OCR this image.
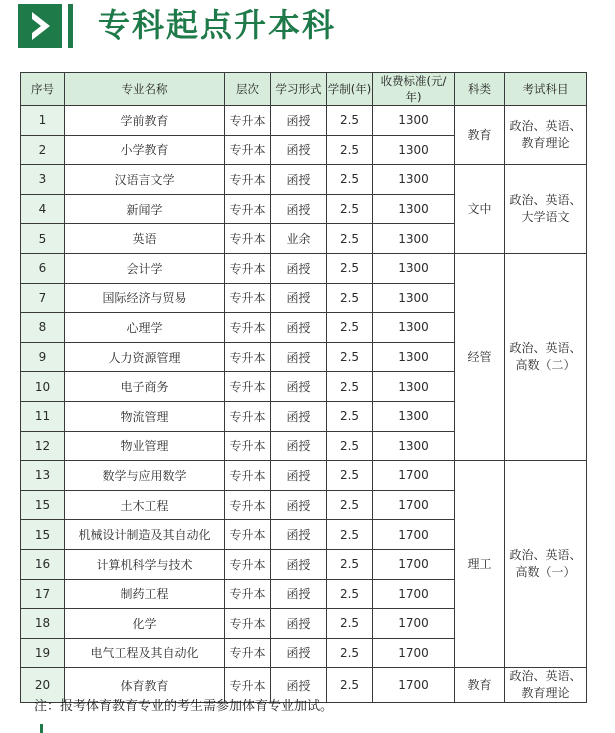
专科起点升本科
序号	专业名称	层次	学习形式	学制(年)	收费标准(元/年)	科类	考试科目
1	学前教育	专升本	函授	2.5	1300	教育	政治、英语、
教育理论

2	小学教育	专升本	函授	2.5	1300		
3	汉语言文学	专升本	函授	2.5	1300	文中	政治、英语、
大学语文

4	新闻学	专升本	函授	2.5	1300		
5	英语	专升本	业余	2.5	1300		
6	会计学	专升本	函授	2.5	1300	经管	政治、英语、
高数（二）

7	国际经济与贸易	专升本	函授	2.5	1300		
8	心理学	专升本	函授	2.5	1300		
9	人力资源管理	专升本	函授	2.5	1300		
10	电子商务	专升本	函授	2.5	1300		
11	物流管理	专升本	函授	2.5	1300		
12	物业管理	专升本	函授	2.5	1300		
13	数学与应用数学	专升本	函授	2.5	1700	理工	政治、英语、
高数（一）

15	土木工程	专升本	函授	2.5	1700		
15	机械设计制造及其自动化	专升本	函授	2.5	1700		
16	计算机科学与技术	专升本	函授	2.5	1700		
17	制药工程	专升本	函授	2.5	1700		
18	化学	专升本	函授	2.5	1700		
19	电气工程及其自动化	专升本	函授	2.5	1700		
20	体育教育	专升本	函授	2.5	1700	教育	政治、英语、
教育理论
注：报考体育教育专业的考生需参加体育专业加试。
